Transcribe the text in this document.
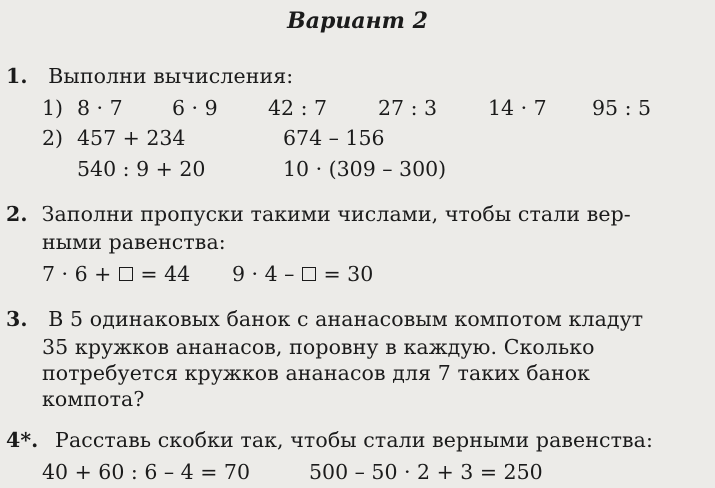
Вариант 2
1. Выполни вычисления:
1) 8 · 7 6 · 9 42 : 7 27 : 3 14 · 7 95 : 5
2) 457 + 234	674 – 156
540 : 9 + 20	10 · (309 – 300)
2. Заполни пропуски такими числами, чтобы стали вер-
ными равенства:
7 · 6 + = 44 9 · 4 – = 30
3. В 5 одинаковых банок с ананасовым компотом кладут
35 кружков ананасов, поровну в каждую. Сколько
потребуется кружков ананасов для 7 таких банок
компота?
4*. Расставь скобки так, чтобы стали верными равенства:
40 + 60 : 6 – 4 = 70	500 – 50 · 2 + 3 = 250
